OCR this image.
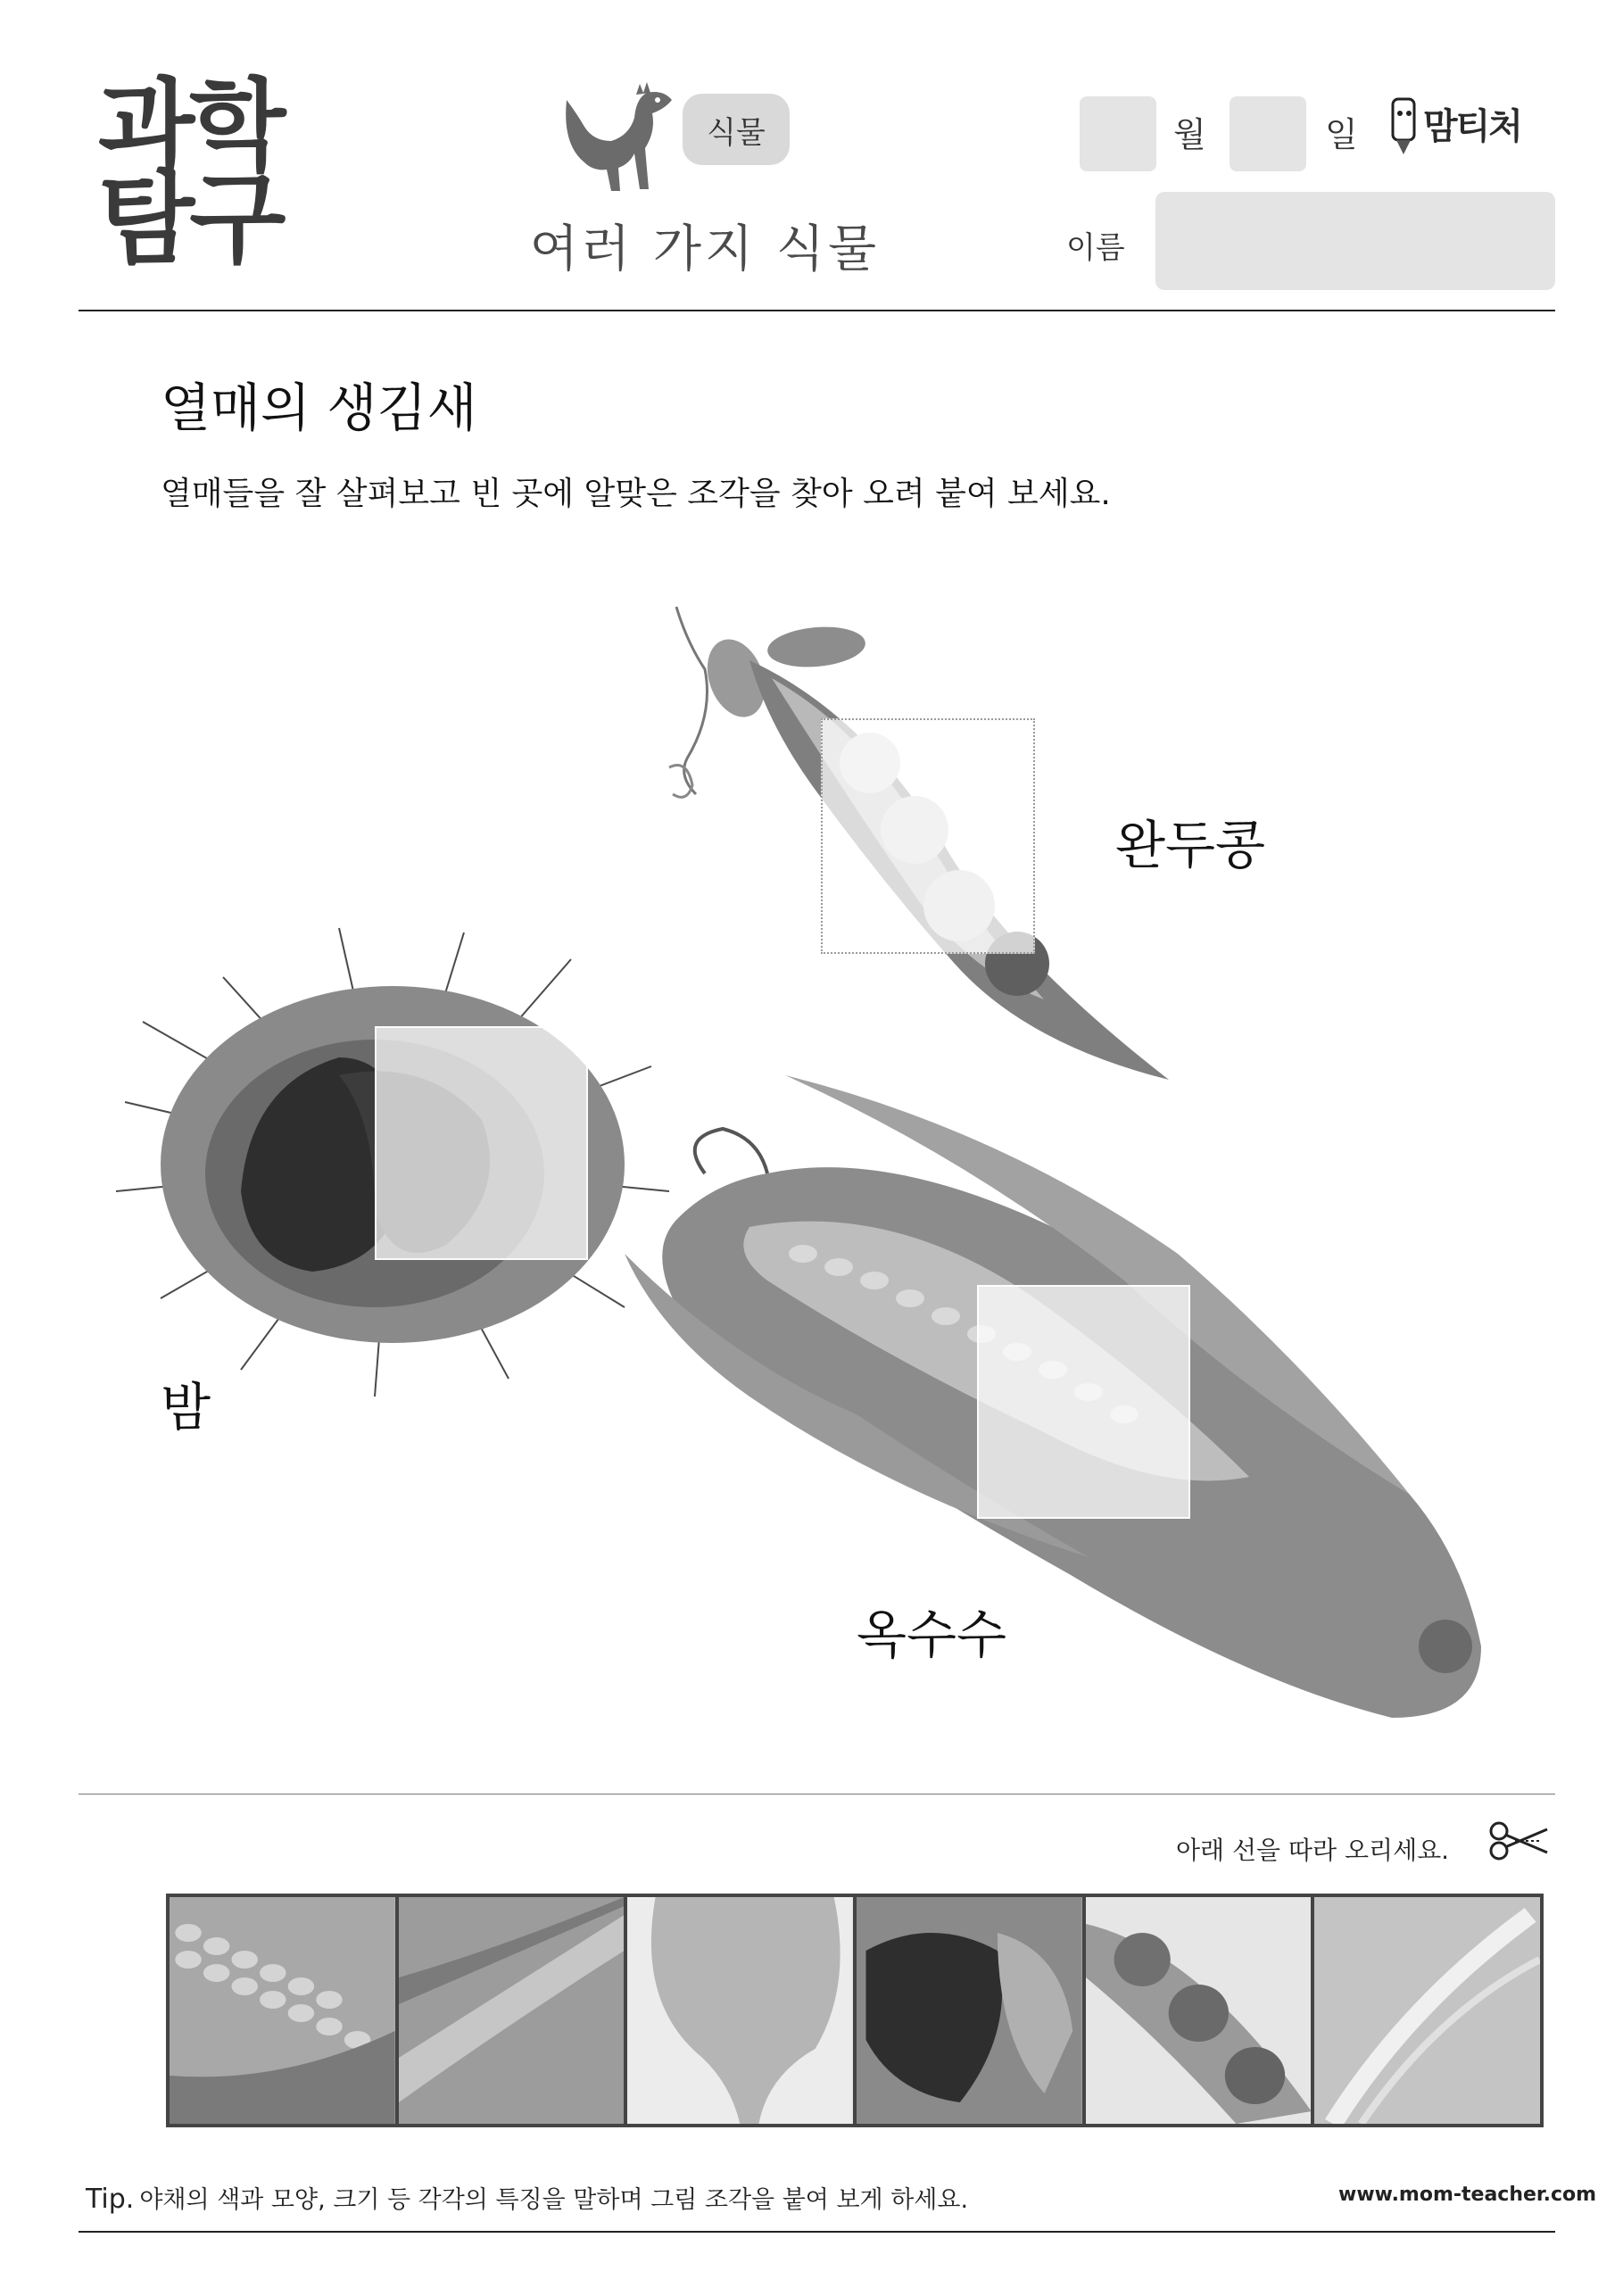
과학탐구
식물
여러 가지 식물
월	일 맘티처
이름
열매의 생김새
열매들을 잘 살펴보고 빈 곳에 알맞은 조각을 찾아 오려 붙여 보세요.
완두콩
밤
옥수수
아래 선을 따라 오리세요.
Tip. 야채의 색과 모양, 크기 등 각각의 특징을 말하며 그림 조각을 붙여 보게 하세요.	www.mom-teacher.com
